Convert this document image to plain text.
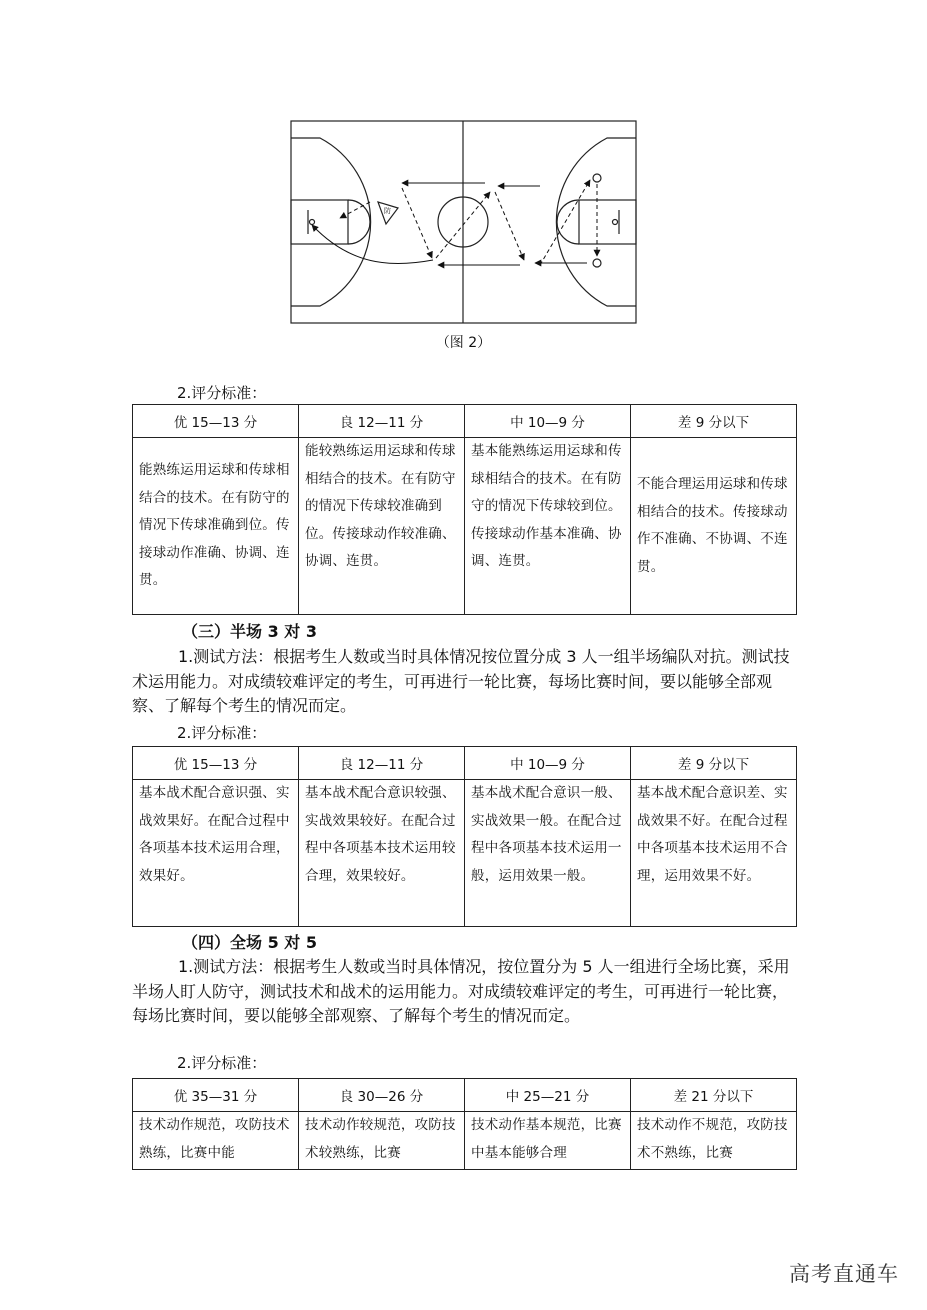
防
（图 2）
2.评分标准：
优 15—13 分	良 12—11 分	中 10—9 分	差 9 分以下

能熟练运用运球和传球相结合的技术。在有防守的情况下传球准确到位。传接球动作准确、协调、连贯。	能较熟练运用运球和传球相结合的技术。在有防守的情况下传球较准确到位。传接球动作较准确、协调、连贯。	基本能熟练运用运球和传球相结合的技术。在有防守的情况下传球较到位。传接球动作基本准确、协调、连贯。	不能合理运用运球和传球相结合的技术。传接球动作不准确、不协调、不连贯。
（三）半场 3 对 3
1.测试方法：根据考生人数或当时具体情况按位置分成 3 人一组半场编队对抗。测试技术运用能力。对成绩较难评定的考生，可再进行一轮比赛，每场比赛时间，要以能够全部观察、了解每个考生的情况而定。
2.评分标准：
优 15—13 分	良 12—11 分	中 10—9 分	差 9 分以下

基本战术配合意识强、实战效果好。在配合过程中各项基本技术运用合理，效果好。	基本战术配合意识较强、实战效果较好。在配合过程中各项基本技术运用较合理，效果较好。	基本战术配合意识一般、实战效果一般。在配合过程中各项基本技术运用一般，运用效果一般。	基本战术配合意识差、实战效果不好。在配合过程中各项基本技术运用不合理，运用效果不好。
（四）全场 5 对 5
1.测试方法：根据考生人数或当时具体情况，按位置分为 5 人一组进行全场比赛，采用半场人盯人防守，测试技术和战术的运用能力。对成绩较难评定的考生，可再进行一轮比赛，每场比赛时间，要以能够全部观察、了解每个考生的情况而定。
2.评分标准：
优 35—31 分	良 30—26 分	中 25—21 分	差 21 分以下

技术动作规范，攻防技术熟练，比赛中能	技术动作较规范，攻防技术较熟练，比赛	技术动作基本规范，比赛中基本能够合理	技术动作不规范，攻防技术不熟练，比赛
高考直通车
